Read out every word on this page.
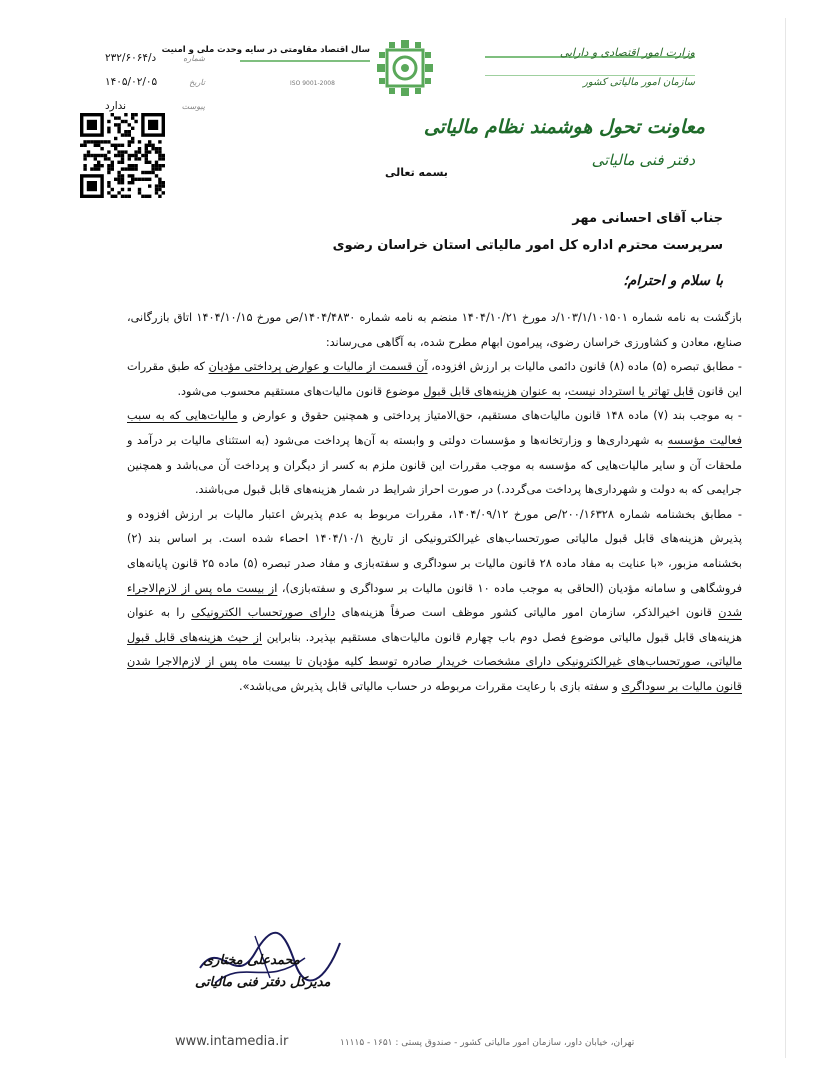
وزارت امور اقتصادی و دارایی
سازمان امور مالیاتی کشور
سال اقتصاد مقاومتی در سایه وحدت ملی و امنیت
ISO 9001-2008
شماره
د/۲۳۲/۶۰۶۴
تاریخ
۱۴۰۵/۰۲/۰۵
پیوست
ندارد
معاونت تحول هوشمند نظام مالیاتی
دفتر فنی مالیاتی
بسمه تعالی
جناب آقای احسانی مهر
سرپرست محترم اداره کل امور مالیاتی استان خراسان رضوی
با سلام و احترام؛

بازگشت به نامه شماره ۱۰۳/۱/۱۰۱۵۰۱/د مورخ ۱۴۰۴/۱۰/۲۱ منضم به نامه شماره ۱۴۰۴/۴۸۳۰/ص مورخ ۱۴۰۴/۱۰/۱۵ اتاق بازرگانی، صنایع، معادن و کشاورزی خراسان رضوی، پیرامون ابهام مطرح شده، به آگاهی می‌رساند:

- مطابق تبصره (۵) ماده (۸) قانون دائمی مالیات بر ارزش افزوده، آن قسمت از مالیات و عوارض پرداختی مؤدیان که طبق مقررات این قانون قابل تهاتر یا استرداد نیست، به عنوان هزینه‌های قابل قبول موضوع قانون مالیات‌های مستقیم محسوب می‌شود.

- به موجب بند (۷) ماده ۱۴۸ قانون مالیات‌های مستقیم، حق‌الامتیاز پرداختی و همچنین حقوق و عوارض و مالیات‌هایی که به سبب فعالیت مؤسسه به شهرداری‌ها و وزارتخانه‌ها و مؤسسات دولتی و وابسته به آن‌ها پرداخت می‌شود (به استثنای مالیات بر درآمد و ملحقات آن و سایر مالیات‌هایی که مؤسسه به موجب مقررات این قانون ملزم به کسر از دیگران و پرداخت آن می‌باشد و همچنین جرایمی که به دولت و شهرداری‌ها پرداخت می‌گردد.) در صورت احراز شرایط در شمار هزینه‌های قابل قبول می‌باشند.

- مطابق بخشنامه شماره ۲۰۰/۱۶۳۲۸/ص مورخ ۱۴۰۴/۰۹/۱۲، مقررات مربوط به عدم پذیرش اعتبار مالیات بر ارزش افزوده و پذیرش هزینه‌های قابل قبول مالیاتی صورتحساب‌های غیرالکترونیکی از تاریخ ۱۴۰۴/۱۰/۱ احصاء شده است. بر اساس بند (۲) بخشنامه مزبور، «با عنایت به مفاد ماده ۲۸ قانون مالیات بر سوداگری و سفته‌بازی و مفاد صدر تبصره (۵) ماده ۲۵ قانون پایانه‌های فروشگاهی و سامانه مؤدیان (الحاقی به موجب ماده ۱۰ قانون مالیات بر سوداگری و سفته‌بازی)، از بیست ماه پس از لازم‌الاجراء شدن قانون اخیرالذکر، سازمان امور مالیاتی کشور موظف است صرفاً هزینه‌های دارای صورتحساب الکترونیکی را به عنوان هزینه‌های قابل قبول مالیاتی موضوع فصل دوم باب چهارم قانون مالیات‌های مستقیم بپذیرد. بنابراین از حیث هزینه‌های قابل قبول مالیاتی، صورتحساب‌های غیرالکترونیکی دارای مشخصات خریدار صادره توسط کلیه مؤدیان تا بیست ماه پس از لازم‌الاجرا شدن قانون مالیات بر سوداگری و سفته بازی با رعایت مقررات مربوطه در حساب مالیاتی قابل پذیرش می‌باشد».

محمدعلی مختاری
مدیرکل دفتر فنی مالیاتی
www.intamedia.ir	تهران، خیابان داور، سازمان امور مالیاتی کشور - صندوق پستی : ۱۶۵۱ - ۱۱۱۱۵
